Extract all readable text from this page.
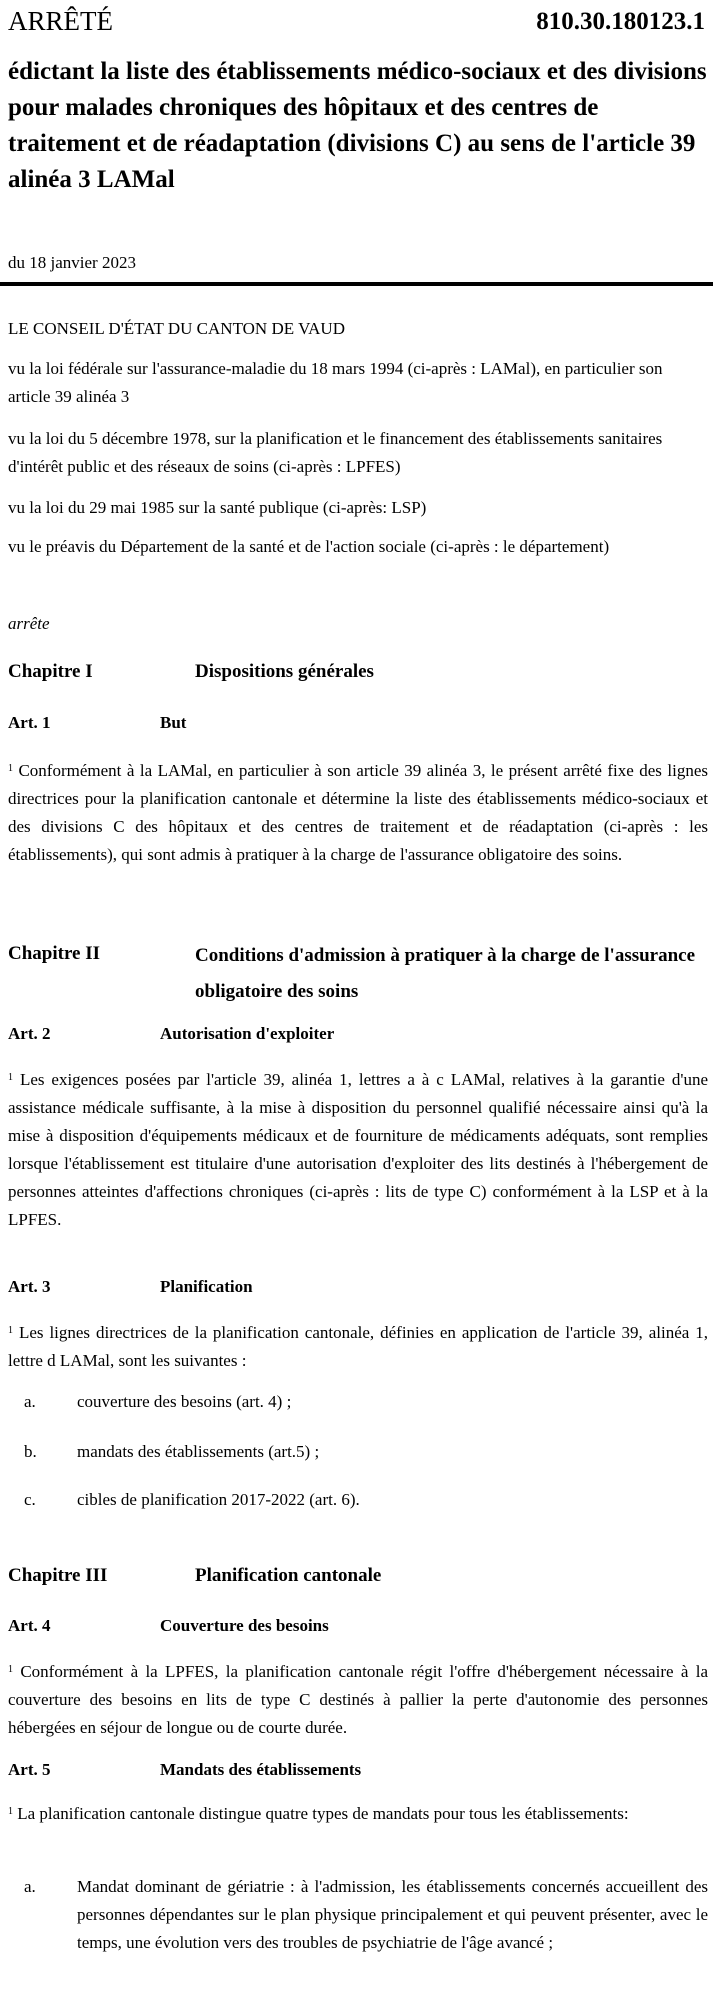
ARRÊTÉ	810.30.180123.1
édictant la liste des établissements médico-sociaux et des divisions pour malades chroniques des hôpitaux et des centres de traitement et de réadaptation (divisions C) au sens de l'article 39 alinéa 3 LAMal
du 18 janvier 2023
LE CONSEIL D'ÉTAT DU CANTON DE VAUD
vu la loi fédérale sur l'assurance-maladie du 18 mars 1994 (ci-après : LAMal), en particulier son article 39 alinéa 3
vu la loi du 5 décembre 1978, sur la planification et le financement des établissements sanitaires d'intérêt public et des réseaux de soins (ci-après : LPFES)
vu la loi du 29 mai 1985 sur la santé publique (ci-après: LSP)
vu le préavis du Département de la santé et de l'action sociale (ci-après : le département)
arrête
Chapitre I	Dispositions générales
Art. 1	But
$^1$ Conformément à la LAMal, en particulier à son article 39 alinéa 3, le présent arrêté fixe des lignes directrices pour la planification cantonale et détermine la liste des établissements médico-sociaux et des divisions C des hôpitaux et des centres de traitement et de réadaptation (ci-après : les établissements), qui sont admis à pratiquer à la charge de l'assurance obligatoire des soins.
Chapitre II	Conditions d'admission à pratiquer à la charge de l'assurance obligatoire des soins
Art. 2	Autorisation d'exploiter
$^1$ Les exigences posées par l'article 39, alinéa 1, lettres a à c LAMal, relatives à la garantie d'une assistance médicale suffisante, à la mise à disposition du personnel qualifié nécessaire ainsi qu'à la mise à disposition d'équipements médicaux et de fourniture de médicaments adéquats, sont remplies lorsque l'établissement est titulaire d'une autorisation d'exploiter des lits destinés à l'hébergement de personnes atteintes d'affections chroniques (ci-après : lits de type C) conformément à la LSP et à la LPFES.
Art. 3	Planification
$^1$ Les lignes directrices de la planification cantonale, définies en application de l'article 39, alinéa 1, lettre d LAMal, sont les suivantes :
a. couverture des besoins (art. 4) ;
b. mandats des établissements (art.5) ;
c. cibles de planification 2017-2022 (art. 6).
Chapitre III	Planification cantonale
Art. 4	Couverture des besoins
$^1$ Conformément à la LPFES, la planification cantonale régit l'offre d'hébergement nécessaire à la couverture des besoins en lits de type C destinés à pallier la perte d'autonomie des personnes hébergées en séjour de longue ou de courte durée.
Art. 5	Mandats des établissements
$^1$ La planification cantonale distingue quatre types de mandats pour tous les établissements:
a. Mandat dominant de gériatrie : à l'admission, les établissements concernés accueillent des personnes dépendantes sur le plan physique principalement et qui peuvent présenter, avec le temps, une évolution vers des troubles de psychiatrie de l'âge avancé ;
